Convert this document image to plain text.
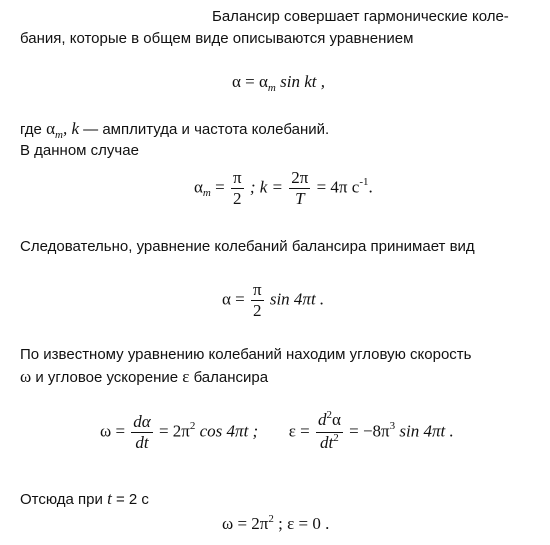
Балансир совершает гармонические коле-
бания, которые в общем виде описываются уравнением
$\alpha = \alpha_m$ sin kt ,
где $\alpha_m$, k — амплитуда и частота колебаний.
В данном случае
$\alpha_m = \frac{\pi}{2}$ ; $k = \frac{2\pi}{T} = 4\pi$ $с^{-1}$.
Следовательно, уравнение колебаний балансира принимает вид
$\alpha = \frac{\pi}{2}$ sin 4πt .
По известному уравнению колебаний находим угловую скорость
ω и угловое ускорение ε балансира
$\omega = \frac{d\alpha}{dt} = 2\pi^2$ cos 4πt ; $\varepsilon = \frac{d^2\alpha}{dt^2} = -8\pi^3$ sin 4πt .
Отсюда при t = 2 с
$\omega = 2\pi^2$ ; ε = 0 .
